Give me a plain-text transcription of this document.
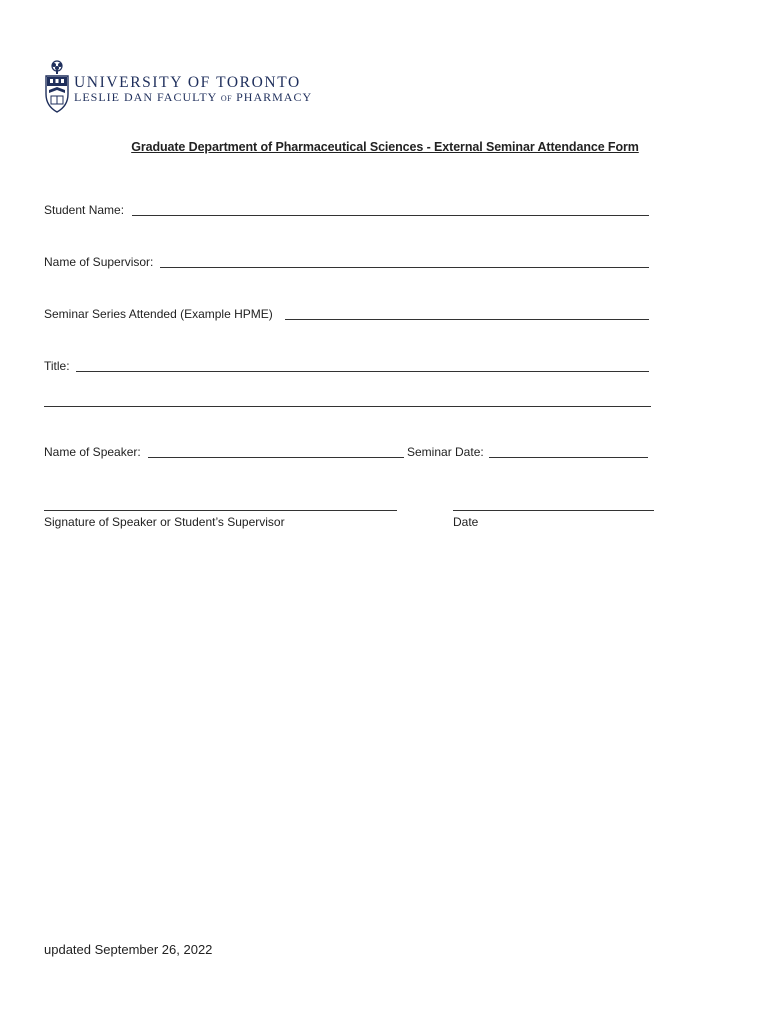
UNIVERSITY OF TORONTO
LESLIE DAN FACULTY OF PHARMACY
Graduate Department of Pharmaceutical Sciences - External Seminar Attendance Form
Student Name:
Name of Supervisor:
Seminar Series Attended (Example HPME)
Title:
Name of Speaker:	Seminar Date:
Signature of Speaker or Student’s Supervisor	Date
updated September 26, 2022
